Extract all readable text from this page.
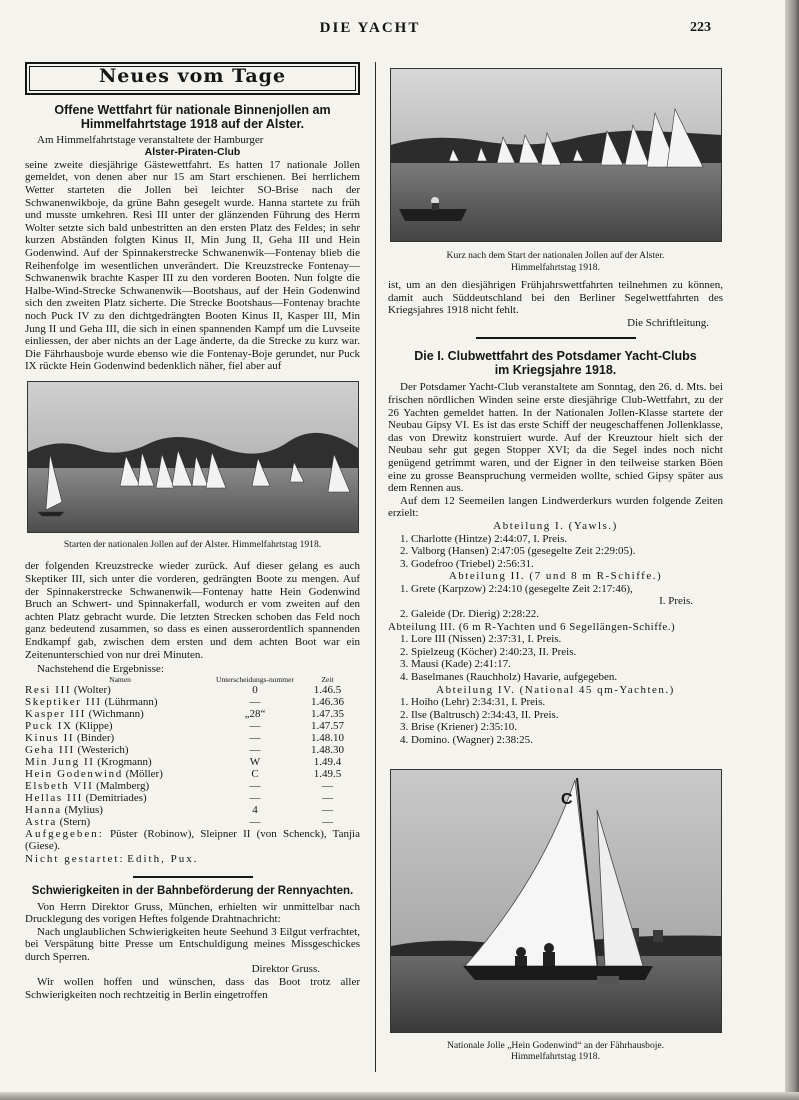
DIE YACHT	223
Neues vom Tage
Offene Wettfahrt für nationale Binnenjollen am
Himmelfahrtstage 1918 auf der Alster.

Am Himmelfahrtstage veranstaltete der Hamburger

Alster-Piraten-Club

seine zweite diesjährige Gästewettfahrt. Es hatten 17 nationale Jollen gemeldet, von denen aber nur 15 am Start erschienen. Bei herrlichem Wetter starteten die Jollen bei leichter SO-Brise nach der Schwanenwikboje, da grüne Bahn gesegelt wurde. Hanna startete zu früh und musste umkehren. Resi III unter der glänzenden Führung des Herrn Wolter setzte sich bald unbestritten an den ersten Platz des Feldes; in sehr kurzen Abständen folgten Kinus II, Min Jung II, Geha III und Hein Godenwind. Auf der Spinnakerstrecke Schwanenwik—Fontenay blieb die Reihenfolge im wesentlichen unverändert. Die Kreuzstrecke Fontenay—Schwanenwik brachte Kasper III zu den vorderen Booten. Nun folgte die Halbe-Wind-Strecke Schwanenwik—Bootshaus, auf der Hein Godenwind sich den zweiten Platz sicherte. Die Strecke Bootshaus—Fontenay brachte noch Puck IV zu den dichtgedrängten Booten Kinus II, Kasper III, Min Jung II und Geha III, die sich in einen spannenden Kampf um die Luvseite einliessen, der aber nichts an der Lage änderte, da die Strecke zu kurz war. Die Fährhausboje wurde ebenso wie die Fontenay-Boje gerundet, nur Puck IX rückte Hein Godenwind bedenklich näher, fiel aber auf

Starten der nationalen Jollen auf der Alster. Himmelfahrtstag 1918.

der folgenden Kreuzstrecke wieder zurück. Auf dieser gelang es auch Skeptiker III, sich unter die vorderen, gedrängten Boote zu mengen. Auf der Spinnakerstrecke Schwanenwik—Fontenay hatte Hein Godenwind Bruch an Schwert- und Spinnakerfall, wodurch er vom zweiten auf den achten Platz gebracht wurde. Die letzten Strecken schoben das Feld noch ganz bedeutend zusammen, so dass es einen ausserordentlich spannenden Endkampf gab, zwischen dem ersten und dem achten Boot war ein Zeitenunterschied von nur drei Minuten.

Nachstehend die Ergebnisse:

Namen	Unterscheidungs-nummer	Zeit
Resi III (Wolter)	0	1.46.5
Skeptiker III (Lührmann)	—	1.46.36
Kasper III (Wichmann)	„28“	1.47.35
Puck IX (Klippe)	—	1.47.57
Kinus II (Binder)	—	1.48.10
Geha III (Westerich)	—	1.48.30
Min Jung II (Krogmann)	W	1.49.4
Hein Godenwind (Möller)	C	1.49.5
Elsbeth VII (Malmberg)	—	—
Hellas III (Demitriades)	—	—
Hanna (Mylius)	4	—
Astra (Stern)	—	—

Aufgegeben: Püster (Robinow), Sleipner II (von Schenck), Tanjia (Giese).

Nicht gestartet: Edith, Pux.

Schwierigkeiten in der Bahnbeförderung der Rennyachten.

Von Herrn Direktor Gruss, München, erhielten wir unmittelbar nach Drucklegung des vorigen Heftes folgende Drahtnachricht:

Nach unglaublichen Schwierigkeiten heute Seehund 3 Eilgut verfrachtet, bei Verspätung bitte Presse um Entschuldigung meines Missgeschickes durch Sperren.

Direktor Gruss.

Wir wollen hoffen und wünschen, dass das Boot trotz aller Schwierigkeiten noch rechtzeitig in Berlin eingetroffen

Kurz nach dem Start der nationalen Jollen auf der Alster.
Himmelfahrtstag 1918.

ist, um an den diesjährigen Frühjahrswettfahrten teilnehmen zu können, damit auch Süddeutschland bei den Berliner Segelwettfahrten des Kriegsjahres 1918 nicht fehlt.

Die Schriftleitung.

Die I. Clubwettfahrt des Potsdamer Yacht-Clubs
im Kriegsjahre 1918.

Der Potsdamer Yacht-Club veranstaltete am Sonntag, den 26. d. Mts. bei frischen nördlichen Winden seine erste diesjährige Club-Wettfahrt, zu der 26 Yachten gemeldet hatten. In der Nationalen Jollen-Klasse startete der Neubau Gipsy VI. Es ist das erste Schiff der neugeschaffenen Jollenklasse, das von Drewitz konstruiert wurde. Auf der Kreuztour hielt sich der Neubau sehr gut gegen Stopper XVI; da die Segel indes noch nicht genügend getrimmt waren, und der Eigner in den teilweise starken Böen eine zu grosse Beanspruchung vermeiden wollte, schied Gipsy später aus dem Rennen aus.

Auf dem 12 Seemeilen langen Lindwerderkurs wurden folgende Zeiten erzielt:

Abteilung I. (Yawls.)
1. Charlotte (Hintze) 2:44:07, I. Preis.
2. Valborg (Hansen) 2:47:05 (gesegelte Zeit 2:29:05).
3. Godefroo (Triebel) 2:56:31.
Abteilung II. (7 und 8 m R-Schiffe.)
1. Grete (Karpzow) 2:24:10 (gesegelte Zeit 2:17:46),
I. Preis.
2. Galeide (Dr. Dierig) 2:28:22.
Abteilung III. (6 m R-Yachten und 6 Segellängen-Schiffe.)
1. Lore III (Nissen) 2:37:31, I. Preis.
2. Spielzeug (Köcher) 2:40:23, II. Preis.
3. Mausi (Kade) 2:41:17.
4. Baselmanes (Rauchholz) Havarie, aufgegeben.
Abteilung IV. (National 45 qm-Yachten.)
1. Hoiho (Lehr) 2:34:31, I. Preis.
2. Ilse (Baltrusch) 2:34:43, II. Preis.
3. Brise (Kriener) 2:35:10.
4. Domino. (Wagner) 2:38:25.
C

Nationale Jolle „Hein Godenwind“ an der Fährhausboje.
Himmelfahrtstag 1918.
